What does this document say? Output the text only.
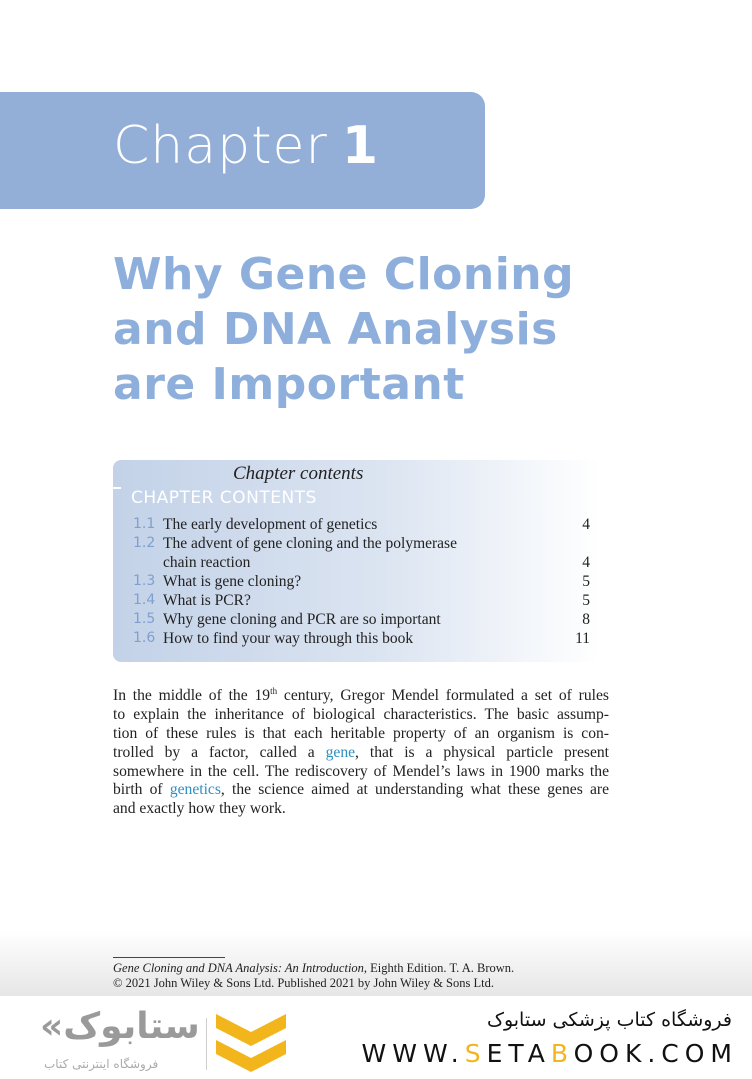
Chapter 1
Why Gene Cloning
and DNA Analysis
are Important
Chapter contents
CHAPTER CONTENTS
1.1 The early development of genetics	4
1.2 The advent of gene cloning and the polymerase
chain reaction	4
1.3 What is gene cloning?	5
1.4 What is PCR?	5
1.5 Why gene cloning and PCR are so important	8
1.6 How to find your way through this book	11
In the middle of the 19th century, Gregor Mendel formulated a set of rules
to explain the inheritance of biological characteristics. The basic assump-
tion of these rules is that each heritable property of an organism is con-
trolled by a factor, called a gene, that is a physical particle present
somewhere in the cell. The rediscovery of Mendel’s laws in 1900 marks the
birth of genetics, the science aimed at understanding what these genes are
and exactly how they work.
Gene Cloning and DNA Analysis: An Introduction, Eighth Edition. T. A. Brown.
© 2021 John Wiley & Sons Ltd. Published 2021 by John Wiley & Sons Ltd.
«ستابوک
فروشگاه اینترنتی کتاب
فروشگاه کتاب پزشکی ستابوک
WWW.SETABOOK.COM
